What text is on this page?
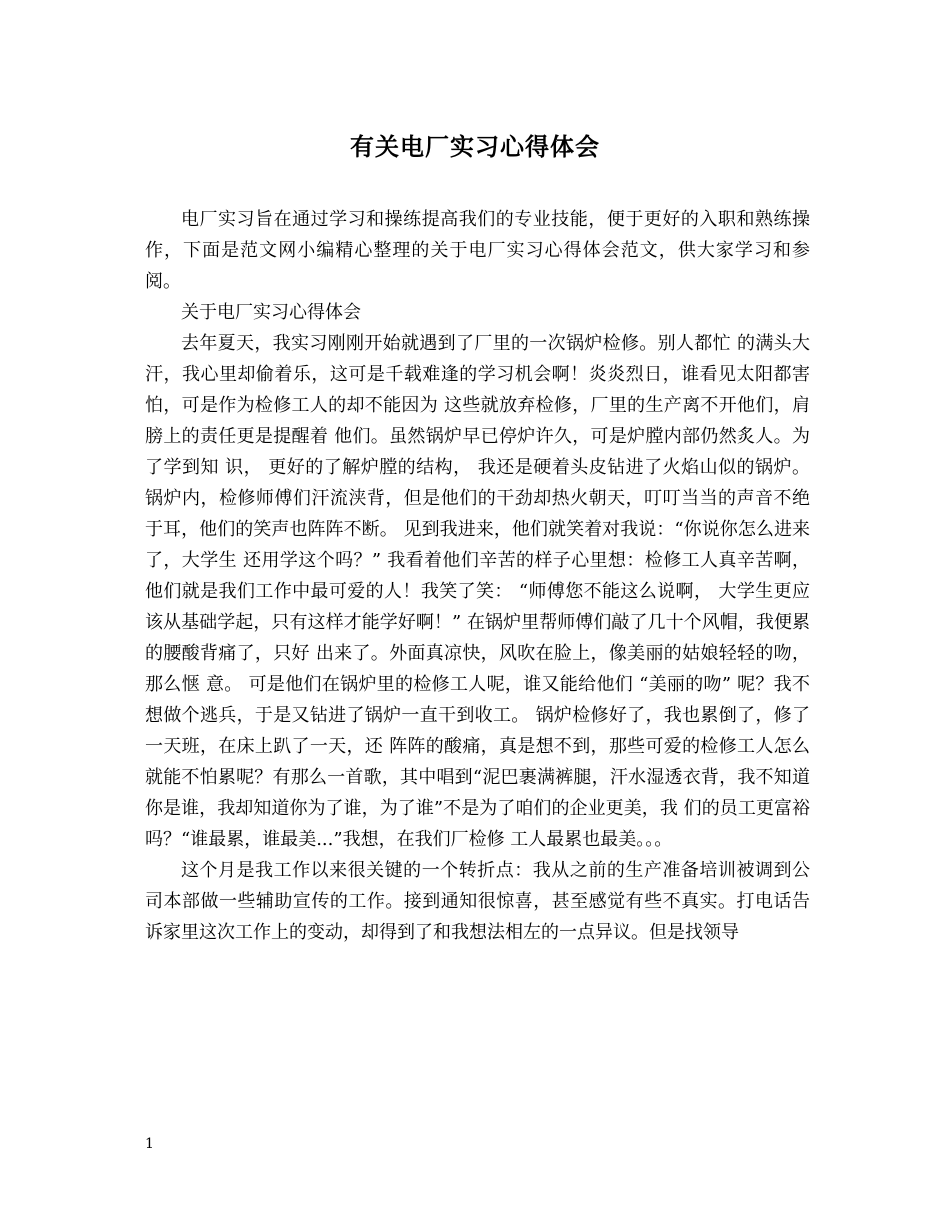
有关电厂实习心得体会

电厂实习旨在通过学习和操练提高我们的专业技能，便于更好的入职和熟练操作，下面是范文网小编精心整理的关于电厂实习心得体会范文，供大家学习和参阅。

关于电厂实习心得体会

去年夏天，我实习刚刚开始就遇到了厂里的一次锅炉检修。别人都忙 的满头大汗，我心里却偷着乐，这可是千载难逢的学习机会啊！炎炎烈日，谁看见太阳都害怕，可是作为检修工人的却不能因为 这些就放弃检修，厂里的生产离不开他们，肩膀上的责任更是提醒着 他们。虽然锅炉早已停炉许久，可是炉膛内部仍然炙人。为了学到知 识， 更好的了解炉膛的结构， 我还是硬着头皮钻进了火焰山似的锅炉。 锅炉内，检修师傅们汗流浃背，但是他们的干劲却热火朝天，叮叮当当的声音不绝于耳，他们的笑声也阵阵不断。 见到我进来，他们就笑着对我说：“你说你怎么进来了，大学生 还用学这个吗？” 我看着他们辛苦的样子心里想：检修工人真辛苦啊， 他们就是我们工作中最可爱的人！我笑了笑： “师傅您不能这么说啊， 大学生更应该从基础学起，只有这样才能学好啊！” 在锅炉里帮师傅们敲了几十个风帽，我便累的腰酸背痛了，只好 出来了。外面真凉快，风吹在脸上，像美丽的姑娘轻轻的吻，那么惬 意。 可是他们在锅炉里的检修工人呢，谁又能给他们 “美丽的吻” 呢？我不想做个逃兵，于是又钻进了锅炉一直干到收工。 锅炉检修好了，我也累倒了，修了一天班，在床上趴了一天，还 阵阵的酸痛，真是想不到，那些可爱的检修工人怎么就能不怕累呢？有那么一首歌，其中唱到“泥巴裹满裤腿，汗水湿透衣背，我不知道 你是谁，我却知道你为了谁，为了谁”不是为了咱们的企业更美，我 们的员工更富裕吗？“谁最累，谁最美...”我想，在我们厂检修 工人最累也最美。。。

这个月是我工作以来很关键的一个转折点：我从之前的生产准备培训被调到公司本部做一些辅助宣传的工作。接到通知很惊喜，甚至感觉有些不真实。打电话告诉家里这次工作上的变动，却得到了和我想法相左的一点异议。但是找领导

1
